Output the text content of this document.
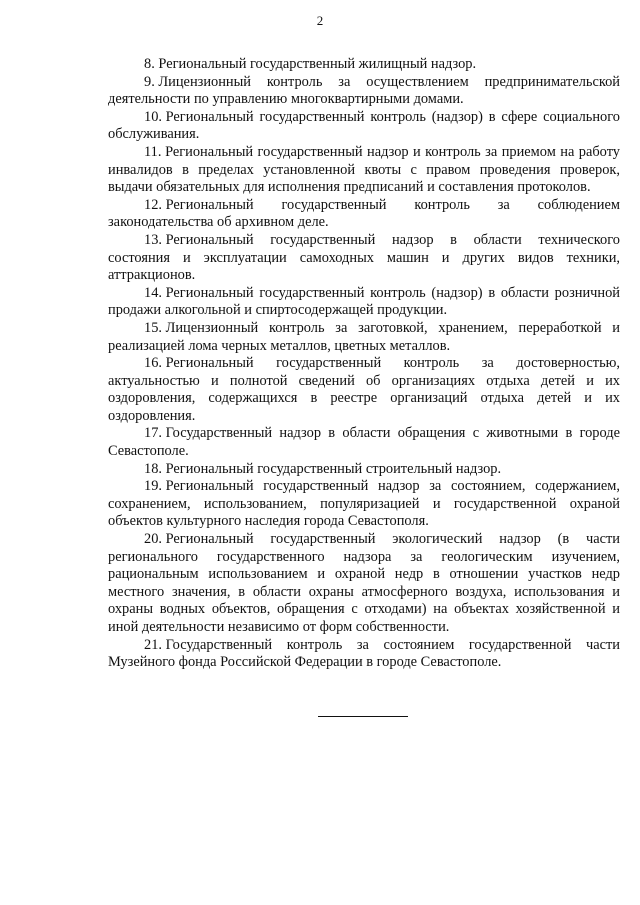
2

8. Региональный государственный жилищный надзор.

9. Лицензионный контроль за осуществлением предпринимательской деятельности по управлению многоквартирными домами.

10. Региональный государственный контроль (надзор) в сфере социального обслуживания.

11. Региональный государственный надзор и контроль за приемом на работу инвалидов в пределах установленной квоты с правом проведения проверок, выдачи обязательных для исполнения предписаний и составления протоколов.

12. Региональный государственный контроль за соблюдением законодательства об архивном деле.

13. Региональный государственный надзор в области технического состояния и эксплуатации самоходных машин и других видов техники, аттракционов.

14. Региональный государственный контроль (надзор) в области розничной продажи алкогольной и спиртосодержащей продукции.

15. Лицензионный контроль за заготовкой, хранением, переработкой и реализацией лома черных металлов, цветных металлов.

16. Региональный государственный контроль за достоверностью, актуальностью и полнотой сведений об организациях отдыха детей и их оздоровления, содержащихся в реестре организаций отдыха детей и их оздоровления.

17. Государственный надзор в области обращения с животными в городе Севастополе.

18. Региональный государственный строительный надзор.

19. Региональный государственный надзор за состоянием, содержанием, сохранением, использованием, популяризацией и государственной охраной объектов культурного наследия города Севастополя.

20. Региональный государственный экологический надзор (в части регионального государственного надзора за геологическим изучением, рациональным использованием и охраной недр в отношении участков недр местного значения, в области охраны атмосферного воздуха, использования и охраны водных объектов, обращения с отходами) на объектах хозяйственной и иной деятельности независимо от форм собственности.

21. Государственный контроль за состоянием государственной части Музейного фонда Российской Федерации в городе Севастополе.
